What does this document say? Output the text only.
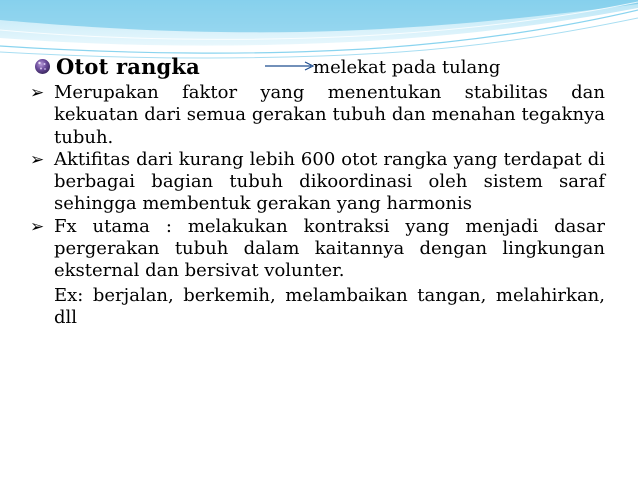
Otot rangka	melekat pada tulang
➢ Merupakan faktor yang menentukan stabilitas dan kekuatan dari semua gerakan tubuh dan menahan tegaknya tubuh.
➢ Aktifitas dari kurang lebih 600 otot rangka yang terdapat di berbagai bagian tubuh dikoordinasi oleh sistem saraf sehingga membentuk gerakan yang harmonis
➢ Fx utama : melakukan kontraksi yang menjadi dasar pergerakan tubuh dalam kaitannya dengan lingkungan eksternal dan bersivat volunter.
Ex: berjalan, berkemih, melambaikan tangan, melahirkan, dll
